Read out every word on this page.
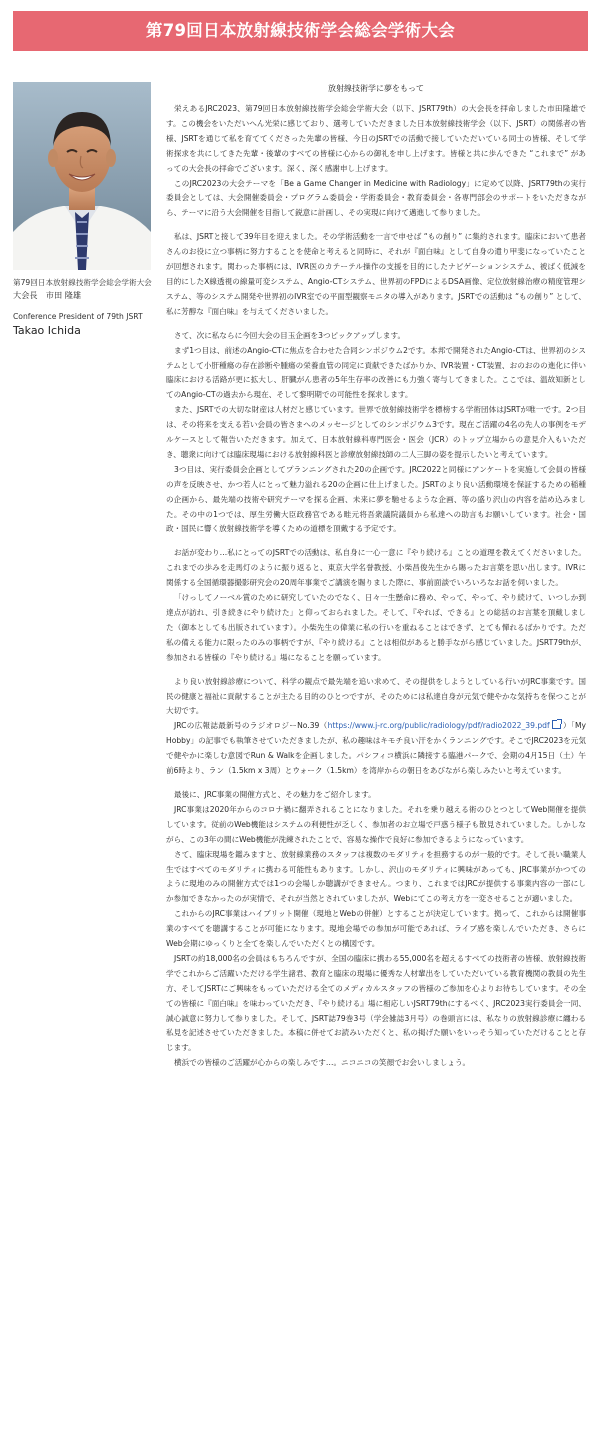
第79回日本放射線技術学会総会学術大会
第79回日本放射線技術学会総会学術大会
大会長　市田 隆雄
Conference President of 79th JSRT
Takao Ichida
放射線技術学に夢をもって

栄えあるJRC2023、第79回日本放射線技術学会総会学術大会（以下、JSRT79th）の大会長を拝命しました市田隆雄です。この機会をいただいへん光栄に感じており、選考していただきました日本放射線技術学会（以下、JSRT）の関係者の皆様、JSRTを通じて私を育ててくださった先輩の皆様、今日のJSRTでの活動で接していただいている同士の皆様、そして学術探求を共にしてきた先輩・後輩のすべての皆様に心からの御礼を申し上げます。皆様と共に歩んできた “これまで” があっての大会長の拝命でございます。深く、深く感謝申し上げます。

このJRC2023の大会テーマを「Be a Game Changer in Medicine with Radiology」に定めて以降、JSRT79thの実行委員会としては、大会開催委員会・プログラム委員会・学術委員会・教育委員会・各専門部会のサポートをいただきながら、テーマに沿う大会開催を目指して鋭意に計画し、その実現に向けて邁進して参りました。

私は、JSRTと接して39年目を迎えました。その学術活動を一言で申せば “もの創り” に集約されます。臨床において患者さんのお役に立つ事柄に努力することを使命と考えると同時に、それが『面白味』として自身の遣り甲斐になっていたことが回想されます。関わった事柄には、IVR医のカテーテル操作の支援を目的にしたナビゲーションシステム、被ばく低減を目的にしたX線透視の線量可変システム、Angio-CTシステム、世界初のFPDによるDSA画像、定位放射線治療の精度管理システム、等のシステム開発や世界初のIVR室での平面型観察モニタの導入があります。JSRTでの活動は “もの創り” として、私に芳醇な『面白味』を与えてくださいました。

さて、次に私ならに今回大会の目玉企画を3つピックアップします。

まず1つ目は、前述のAngio-CTに焦点を合わせた合同シンポジウム2です。本邦で開発されたAngio-CTは、世界初のシステムとして小肝種瘍の存在診断や腫瘍の栄養血管の同定に貢献できたばかりか、IVR装置・CT装置、おのおのの進化に伴い臨床における活路が更に拡大し、肝臓がん患者の5年生存率の改善にも力強く寄与してきました。ここでは、温故知新としてのAngio-CTの過去から現在、そして黎明期での可能性を探求します。

また、JSRTでの大切な財産は人材だと感じています。世界で放射線技術学を標榜する学術団体はJSRTが唯一です。2つ目は、その将来を支える若い会員の皆さまへのメッセージとしてのシンポジウム3です。現在ご活躍の4名の先人の事例をモデルケースとして報告いただきます。加えて、日本放射線科専門医会・医会（JCR）のトップ立場からの意見介入もいただき、聴衆に向けては臨床現場における放射線科医と診療放射線技師の二人三脚の姿を提示したいと考えています。

3つ目は、実行委員会企画としてプランニングされた20の企画です。JRC2022と同様にアンケートを実施して会員の皆様の声を反映させ、かつ若人にとって魅力溢れる20の企画に仕上げました。JSRTのより良い活動環境を保証するための稲種の企画から、最先端の技術や研究テーマを探る企画、未来に夢を馳せるような企画、等の盛り沢山の内容を詰め込みました。その中の1つでは、厚生労働大臣政務官である畦元将吾衆議院議員から私達への助言もお願いしています。社会・国政・国民に響く放射線技術学を導くための道標を頂戴する予定です。

お話が変わり…私にとってのJSRTでの活動は、私自身に一心一意に『やり続ける』ことの道理を教えてくださいました。これまでの歩みを走馬灯のように振り返ると、東京大学名誉教授、小柴昌俊先生から賜ったお言葉を思い出します。IVRに関係する全国循環器撮影研究会の20周年事業でご講演を賜りました際に、事前面談でいろいろなお話を伺いました。

「けっしてノーベル賞のために研究していたのでなく、日々一生懸命に務め、やって、やって、やり続けて、いつしか到達点が訪れ、引き続きにやり続けた」と仰っておられました。そして、『やれば、できる』との総括のお言葉を頂戴しました（御本としても出版されています）。小柴先生の偉業に私の行いを重ねることはできず、とても憚れるばかりです。ただ私の備える能力に限ったのみの事柄ですが、『やり続ける』ことは相似があると勝手ながら感じていました。JSRT79thが、参加される皆様の『やり続ける』場になることを願っています。

より良い放射線診療について、科学の観点で最先端を追い求めて、その提供をしようとしている行いがJRC事業です。国民の健康と福祉に貢献することが主たる目的のひとつですが、そのためには私達自身が元気で健やかな気持ちを保つことが大切です。

JRCの広報誌最新号のラジオロジーNo.39（https://www.j-rc.org/public/radiology/pdf/radio2022_39.pdf ）「My Hobby」の記事でも執筆させていただきましたが、私の趣味はキモチ良い汗をかくランニングです。そこでJRC2023を元気で健やかに楽しむ意図でRun & Walkを企画しました。パシフィコ横浜に隣接する臨港パークで、会期の4月15日（土）午前6時より、ラン（1.5km x 3周）とウォーク（1.5km）を湾岸からの朝日をあびながら楽しみたいと考えています。

最後に、JRC事業の開催方式と、その魅力をご紹介します。

JRC事業は2020年からのコロナ禍に翻弄されることになりました。それを乗り越える術のひとつとしてWeb開催を提供しています。従前のWeb機能はシステムの利便性が乏しく、参加者のお立場で戸惑う様子も散見されていました。しかしながら、この3年の間にWeb機能が洗練されたことで、容易な操作で良好に参加できるようになっています。

さて、臨床現場を鑑みますと、放射線業務のスタッフは複数のモダリティを担務するのが一般的です。そして長い職業人生ではすべてのモダリティに携わる可能性もあります。しかし、沢山のモダリティに興味があっても、JRC事業がかつてのように現地のみの開催方式では1つの会場しか聴講ができません。つまり、これまではJRCが提供する事業内容の一部にしか参加できなかったのが実情で、それが当然とされていましたが、Webにてこの考え方を一変させることが適いました。

これからのJRC事業はハイブリット開催（現地とWebの併催）とすることが決定しています。拠って、これからは開催事業のすべてを聴講することが可能になります。現地会場での参加が可能であれば、ライブ感を楽しんでいただき、さらにWeb会期にゆっくりと全てを楽しんでいただくとの構図です。

JSRTの約18,000名の会員はもちろんですが、全国の臨床に携わる55,000名を超えるすべての技術者の皆様、放射線技術学でこれからご活躍いただける学生諸君、教育と臨床の現場に優秀な人材輩出をしていただいている教育機関の教員の先生方、そしてJSRTにご興味をもっていただける全てのメディカルスタッフの皆様のご参加を心よりお待ちしています。その全ての皆様に『面白味』を味わっていただき、『やり続ける』場に相応しいJSRT79thにするべく、JRC2023実行委員会一同、誠心誠意に努力して参りました。そして、JSRT誌79巻3号（学会雑誌3月号）の巻頭言には、私なりの放射線診療に纏わる私見を記述させていただきました。本稿に併せてお読みいただくと、私の掲げた願いをいっそう知っていただけることと存じます。

横浜での皆様のご活躍が心からの楽しみです…。ニコニコの笑顔でお会いしましょう。
